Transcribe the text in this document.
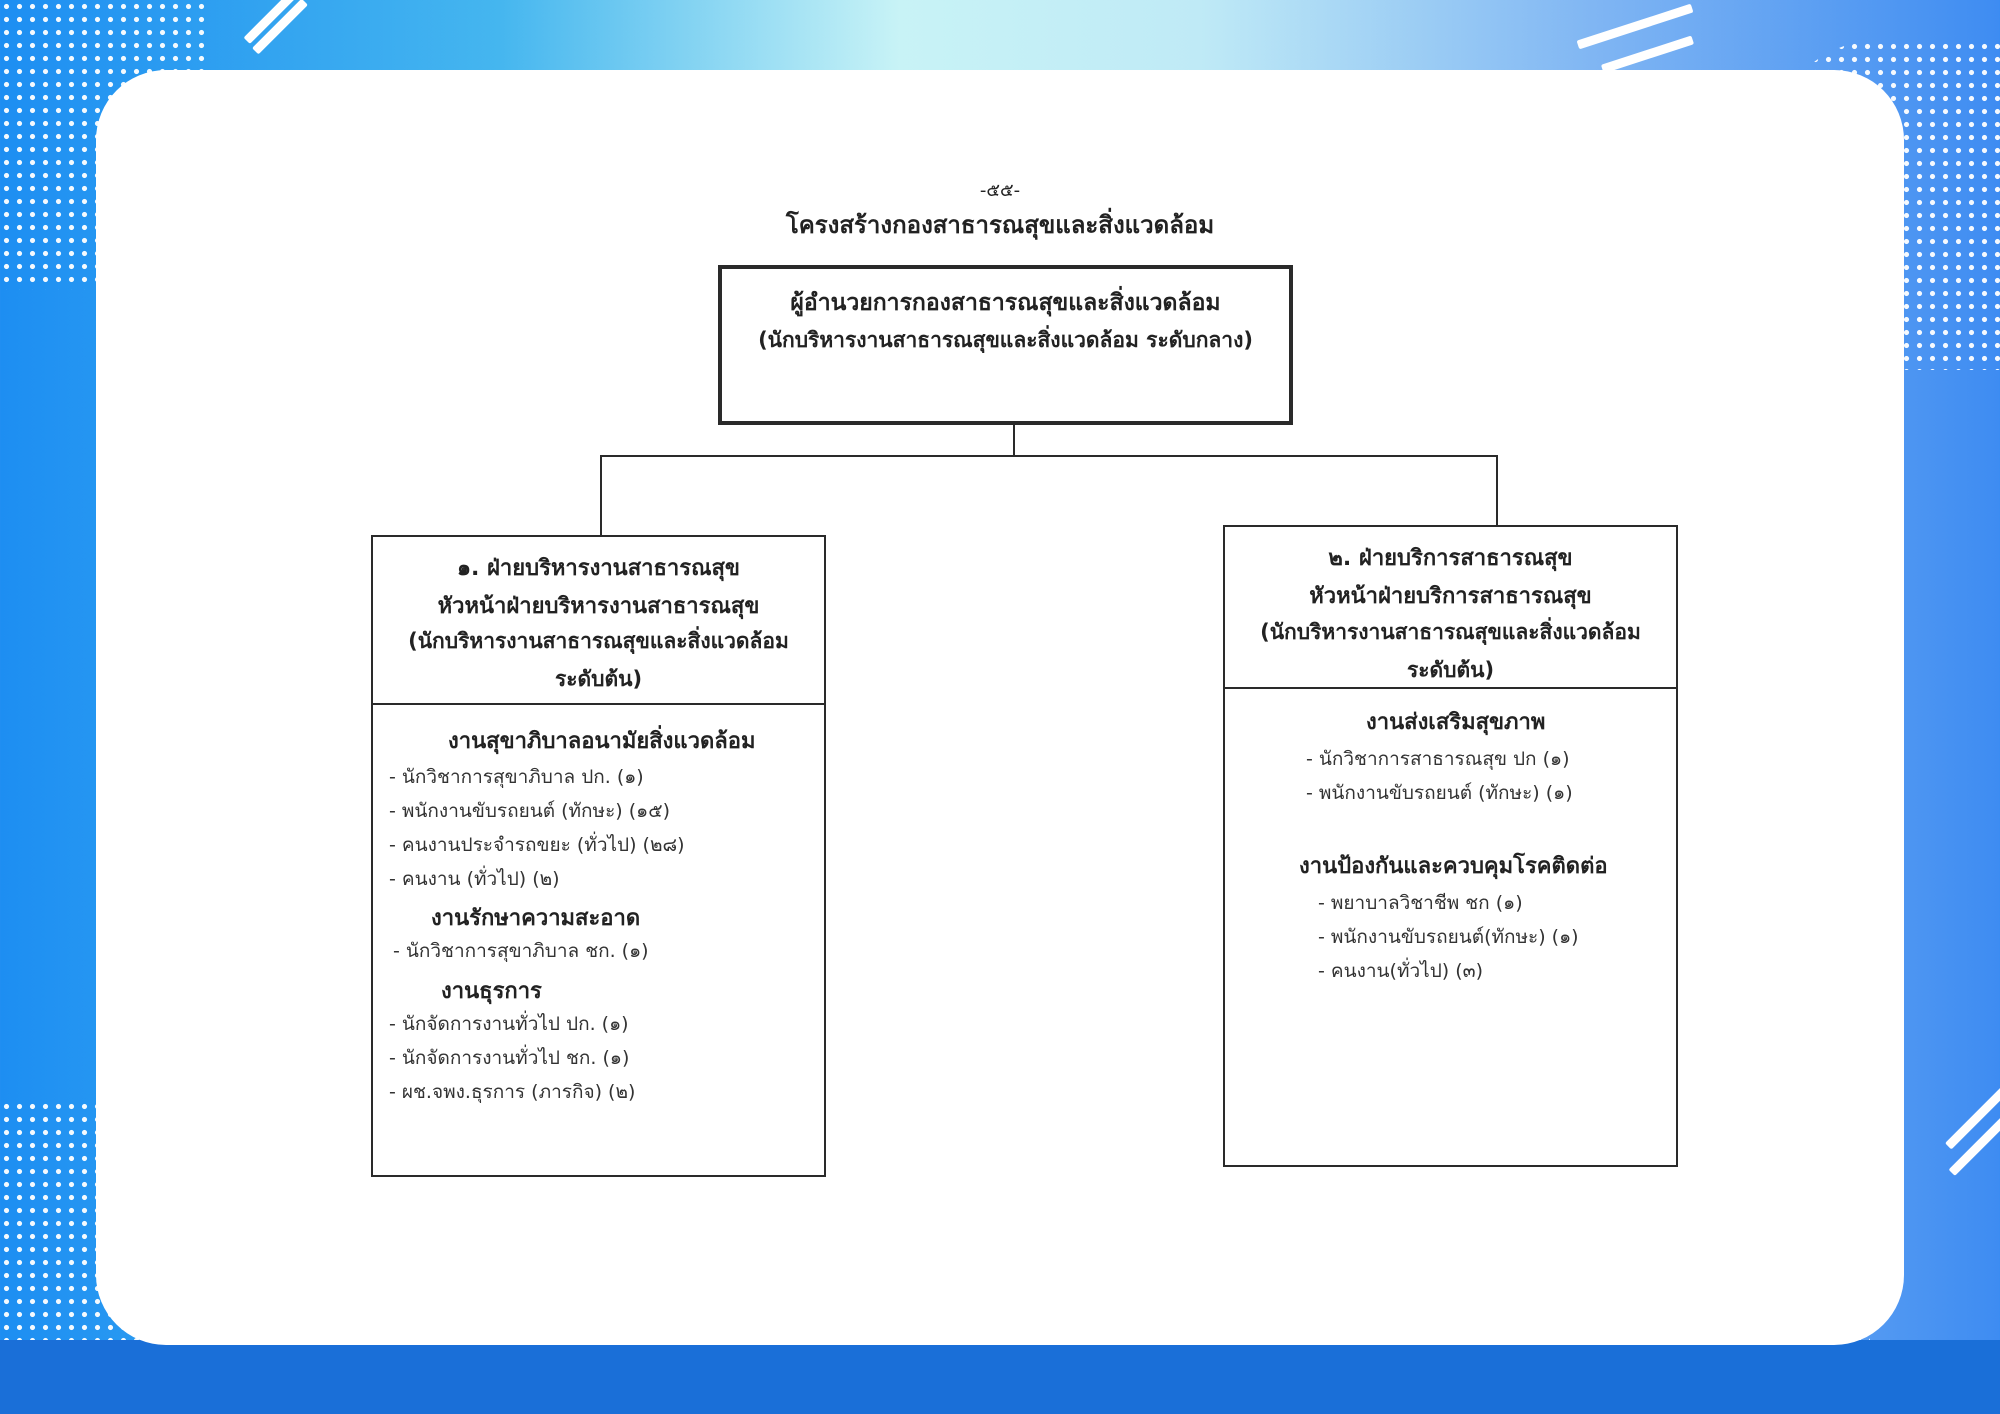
-๕๕-
โครงสร้างกองสาธารณสุขและสิ่งแวดล้อม
ผู้อำนวยการกองสาธารณสุขและสิ่งแวดล้อม
(นักบริหารงานสาธารณสุขและสิ่งแวดล้อม ระดับกลาง)
๑. ฝ่ายบริหารงานสาธารณสุข
หัวหน้าฝ่ายบริหารงานสาธารณสุข
(นักบริหารงานสาธารณสุขและสิ่งแวดล้อม
ระดับต้น)
งานสุขาภิบาลอนามัยสิ่งแวดล้อม
- นักวิชาการสุขาภิบาล ปก. (๑)
- พนักงานขับรถยนต์ (ทักษะ) (๑๕)
- คนงานประจำรถขยะ (ทั่วไป) (๒๘)
- คนงาน (ทั่วไป) (๒)
งานรักษาความสะอาด
- นักวิชาการสุขาภิบาล ชก. (๑)
งานธุรการ
- นักจัดการงานทั่วไป ปก. (๑)
- นักจัดการงานทั่วไป ชก. (๑)
- ผช.จพง.ธุรการ (ภารกิจ) (๒)
๒. ฝ่ายบริการสาธารณสุข
หัวหน้าฝ่ายบริการสาธารณสุข
(นักบริหารงานสาธารณสุขและสิ่งแวดล้อม
ระดับต้น)
งานส่งเสริมสุขภาพ
- นักวิชาการสาธารณสุข ปก (๑)
- พนักงานขับรถยนต์ (ทักษะ) (๑)
งานป้องกันและควบคุมโรคติดต่อ
- พยาบาลวิชาชีพ ชก (๑)
- พนักงานขับรถยนต์(ทักษะ) (๑)
- คนงาน(ทั่วไป) (๓)
